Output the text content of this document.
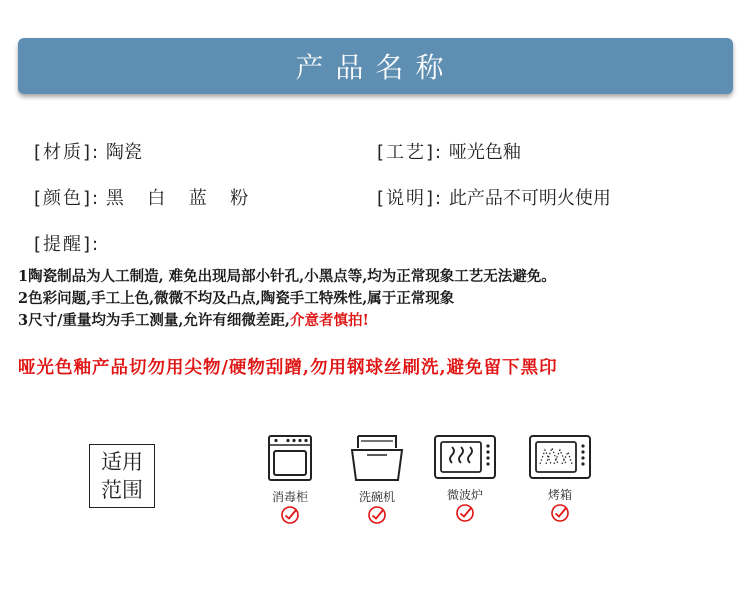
产品名称
[材质]: 陶瓷	[工艺]: 哑光色釉
[颜色]: 黑  白  蓝  粉	[说明]: 此产品不可明火使用
[提醒]:
1陶瓷制品为人工制造, 难免出现局部小针孔,小黑点等,均为正常现象工艺无法避免。
2色彩问题,手工上色,微微不均及凸点,陶瓷手工特殊性,属于正常现象
3尺寸/重量均为手工测量,允许有细微差距,介意者慎拍!
哑光色釉产品切勿用尖物/硬物刮蹭,勿用钢球丝刷洗,避免留下黑印
适用
范围	消毒柜	洗碗机	微波炉	烤箱
